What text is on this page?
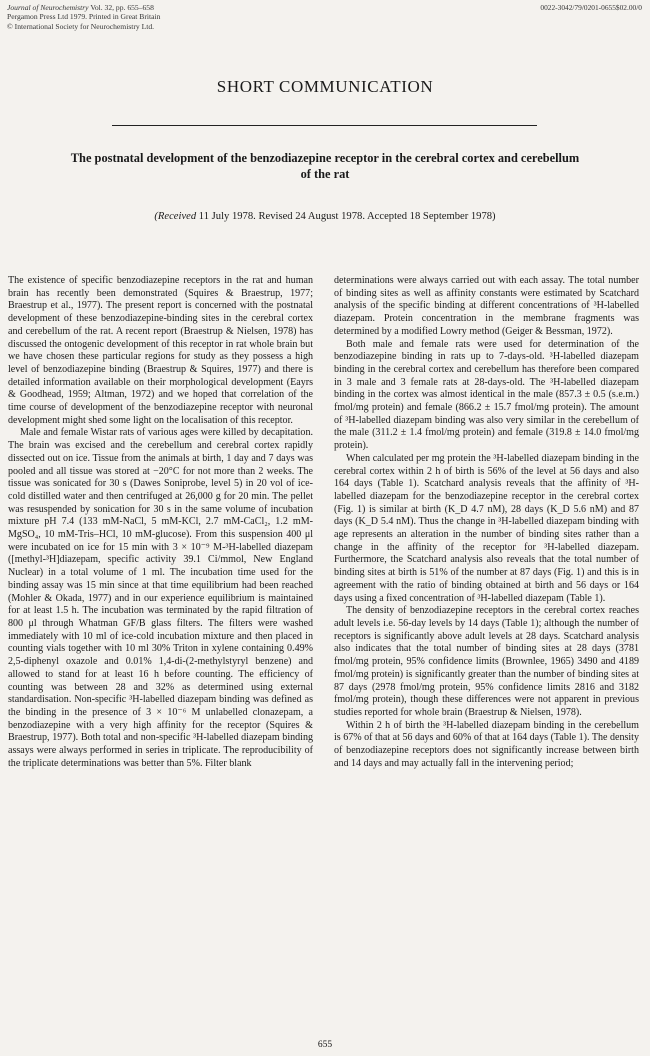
Journal of Neurochemistry Vol. 32, pp. 655–658
Pergamon Press Ltd 1979. Printed in Great Britain
© International Society for Neurochemistry Ltd.
0022-3042/79/0201-0655$02.00/0
SHORT COMMUNICATION
The postnatal development of the benzodiazepine receptor in the cerebral cortex and cerebellum of the rat
(Received 11 July 1978. Revised 24 August 1978. Accepted 18 September 1978)

The existence of specific benzodiazepine receptors in the rat and human brain has recently been demonstrated (Squires & Braestrup, 1977; Braestrup et al., 1977). The present report is concerned with the postnatal development of these benzodiazepine-binding sites in the cerebral cortex and cerebellum of the rat. A recent report (Braestrup & Nielsen, 1978) has discussed the ontogenic development of this receptor in rat whole brain but we have chosen these particular regions for study as they possess a high level of benzodiazepine binding (Braestrup & Squires, 1977) and there is detailed information available on their morphological development (Eayrs & Goodhead, 1959; Altman, 1972) and we hoped that correlation of the time course of development of the benzodiazepine receptor with neuronal development might shed some light on the localisation of this receptor.

Male and female Wistar rats of various ages were killed by decapitation. The brain was excised and the cerebellum and cerebral cortex rapidly dissected out on ice. Tissue from the animals at birth, 1 day and 7 days was pooled and all tissue was stored at −20°C for not more than 2 weeks. The tissue was sonicated for 30 s (Dawes Soniprobe, level 5) in 20 vol of ice-cold distilled water and then centrifuged at 26,000 g for 20 min. The pellet was resuspended by sonication for 30 s in the same volume of incubation mixture pH 7.4 (133 mM-NaCl, 5 mM-KCl, 2.7 mM-CaCl₂, 1.2 mM-MgSO₄, 10 mM-Tris–HCl, 10 mM-glucose). From this suspension 400 μl were incubated on ice for 15 min with 3 × 10⁻⁹ M-³H-labelled diazepam ([methyl-³H]diazepam, specific activity 39.1 Ci/mmol, New England Nuclear) in a total volume of 1 ml. The incubation time used for the binding assay was 15 min since at that time equilibrium had been reached (Mohler & Okada, 1977) and in our experience equilibrium is maintained for at least 1.5 h. The incubation was terminated by the rapid filtration of 800 μl through Whatman GF/B glass filters. The filters were washed immediately with 10 ml of ice-cold incubation mixture and then placed in counting vials together with 10 ml 30% Triton in xylene containing 0.49% 2,5-diphenyl oxazole and 0.01% 1,4-di-(2-methylstyryl benzene) and allowed to stand for at least 16 h before counting. The efficiency of counting was between 28 and 32% as determined using external standardisation. Non-specific ³H-labelled diazepam binding was defined as the binding in the presence of 3 × 10⁻⁶ M unlabelled clonazepam, a benzodiazepine with a very high affinity for the receptor (Squires & Braestrup, 1977). Both total and non-specific ³H-labelled diazepam binding assays were always performed in series in triplicate. The reproducibility of the triplicate determinations was better than 5%. Filter blank

determinations were always carried out with each assay. The total number of binding sites as well as affinity constants were estimated by Scatchard analysis of the specific binding at different concentrations of ³H-labelled diazepam. Protein concentration in the membrane fragments was determined by a modified Lowry method (Geiger & Bessman, 1972).

Both male and female rats were used for determination of the benzodiazepine binding in rats up to 7-days-old. ³H-labelled diazepam binding in the cerebral cortex and cerebellum has therefore been compared in 3 male and 3 female rats at 28-days-old. The ³H-labelled diazepam binding in the cortex was almost identical in the male (857.3 ± 0.5 (s.e.m.) fmol/mg protein) and female (866.2 ± 15.7 fmol/mg protein). The amount of ³H-labelled diazepam binding was also very similar in the cerebellum of the male (311.2 ± 1.4 fmol/mg protein) and female (319.8 ± 14.0 fmol/mg protein).

When calculated per mg protein the ³H-labelled diazepam binding in the cerebral cortex within 2 h of birth is 56% of the level at 56 days and also 164 days (Table 1). Scatchard analysis reveals that the affinity of ³H-labelled diazepam for the benzodiazepine receptor in the cerebral cortex (Fig. 1) is similar at birth (K_D 4.7 nM), 28 days (K_D 5.6 nM) and 87 days (K_D 5.4 nM). Thus the change in ³H-labelled diazepam binding with age represents an alteration in the number of binding sites rather than a change in the affinity of the receptor for ³H-labelled diazepam. Furthermore, the Scatchard analysis also reveals that the total number of binding sites at birth is 51% of the number at 87 days (Fig. 1) and this is in agreement with the ratio of binding obtained at birth and 56 days or 164 days using a fixed concentration of ³H-labelled diazepam (Table 1).

The density of benzodiazepine receptors in the cerebral cortex reaches adult levels i.e. 56-day levels by 14 days (Table 1); although the number of receptors is significantly above adult levels at 28 days. Scatchard analysis also indicates that the total number of binding sites at 28 days (3781 fmol/mg protein, 95% confidence limits (Brownlee, 1965) 3490 and 4189 fmol/mg protein) is significantly greater than the number of binding sites at 87 days (2978 fmol/mg protein, 95% confidence limits 2816 and 3182 fmol/mg protein), though these differences were not apparent in previous studies reported for whole brain (Braestrup & Nielsen, 1978).

Within 2 h of birth the ³H-labelled diazepam binding in the cerebellum is 67% of that at 56 days and 60% of that at 164 days (Table 1). The density of benzodiazepine receptors does not significantly increase between birth and 14 days and may actually fall in the intervening period;

655
